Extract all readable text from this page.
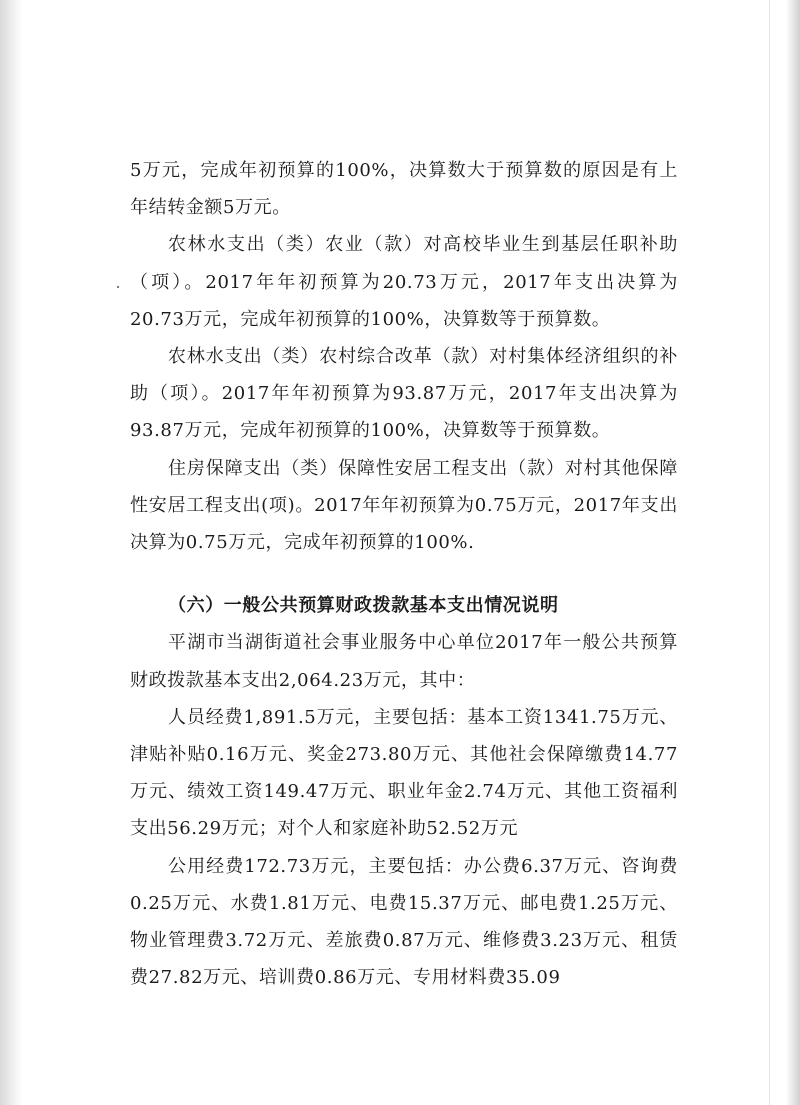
5万元，完成年初预算的100%，决算数大于预算数的原因是有上年结转金额5万元。

农林水支出（类）农业（款）对高校毕业生到基层任职补助（项）。2017年年初预算为20.73万元，2017年支出决算为20.73万元，完成年初预算的100%，决算数等于预算数。

农林水支出（类）农村综合改革（款）对村集体经济组织的补助（项）。2017年年初预算为93.87万元，2017年支出决算为93.87万元，完成年初预算的100%，决算数等于预算数。

住房保障支出（类）保障性安居工程支出（款）对村其他保障性安居工程支出(项)。2017年年初预算为0.75万元，2017年支出决算为0.75万元，完成年初预算的100%.

（六）一般公共预算财政拨款基本支出情况说明

平湖市当湖街道社会事业服务中心单位2017年一般公共预算财政拨款基本支出2,064.23万元，其中：

人员经费1,891.5万元，主要包括：基本工资1341.75万元、津贴补贴0.16万元、奖金273.80万元、其他社会保障缴费14.77万元、绩效工资149.47万元、职业年金2.74万元、其他工资福利支出56.29万元；对个人和家庭补助52.52万元

公用经费172.73万元，主要包括：办公费6.37万元、咨询费0.25万元、水费1.81万元、电费15.37万元、邮电费1.25万元、物业管理费3.72万元、差旅费0.87万元、维修费3.23万元、租赁费27.82万元、培训费0.86万元、专用材料费35.09
